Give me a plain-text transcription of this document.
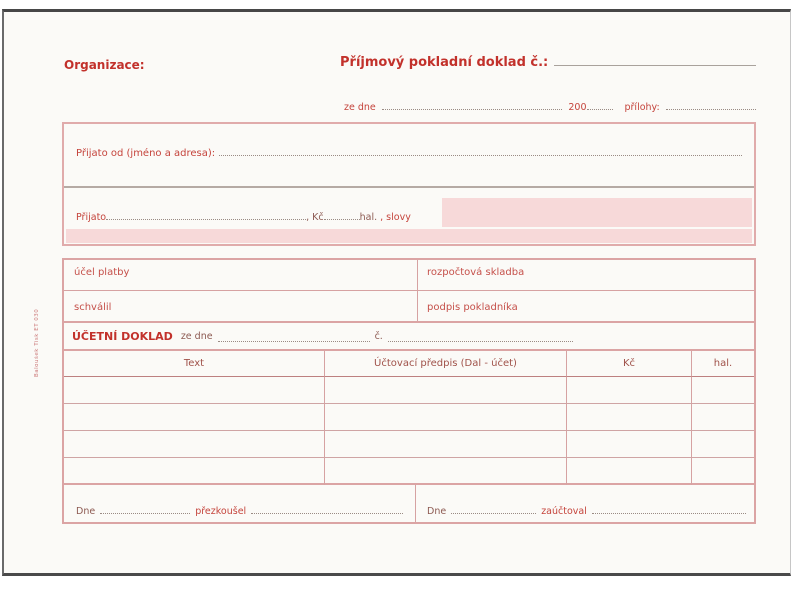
Organizace:	Příjmový pokladní doklad č.:
ze dne	200	přílohy:
Baloušek Tisk ET 030
Přijato od (jméno a adresa):
Přijato	, Kč	hal. , slovy
účel platby	rozpočtová skladba
schválil	podpis pokladníka
ÚČETNÍ DOKLAD ze dne	č.
Text	Účtovací předpis (Dal - účet)	Kč	hal.
Dne	přezkoušel	Dne	zaúčtoval
